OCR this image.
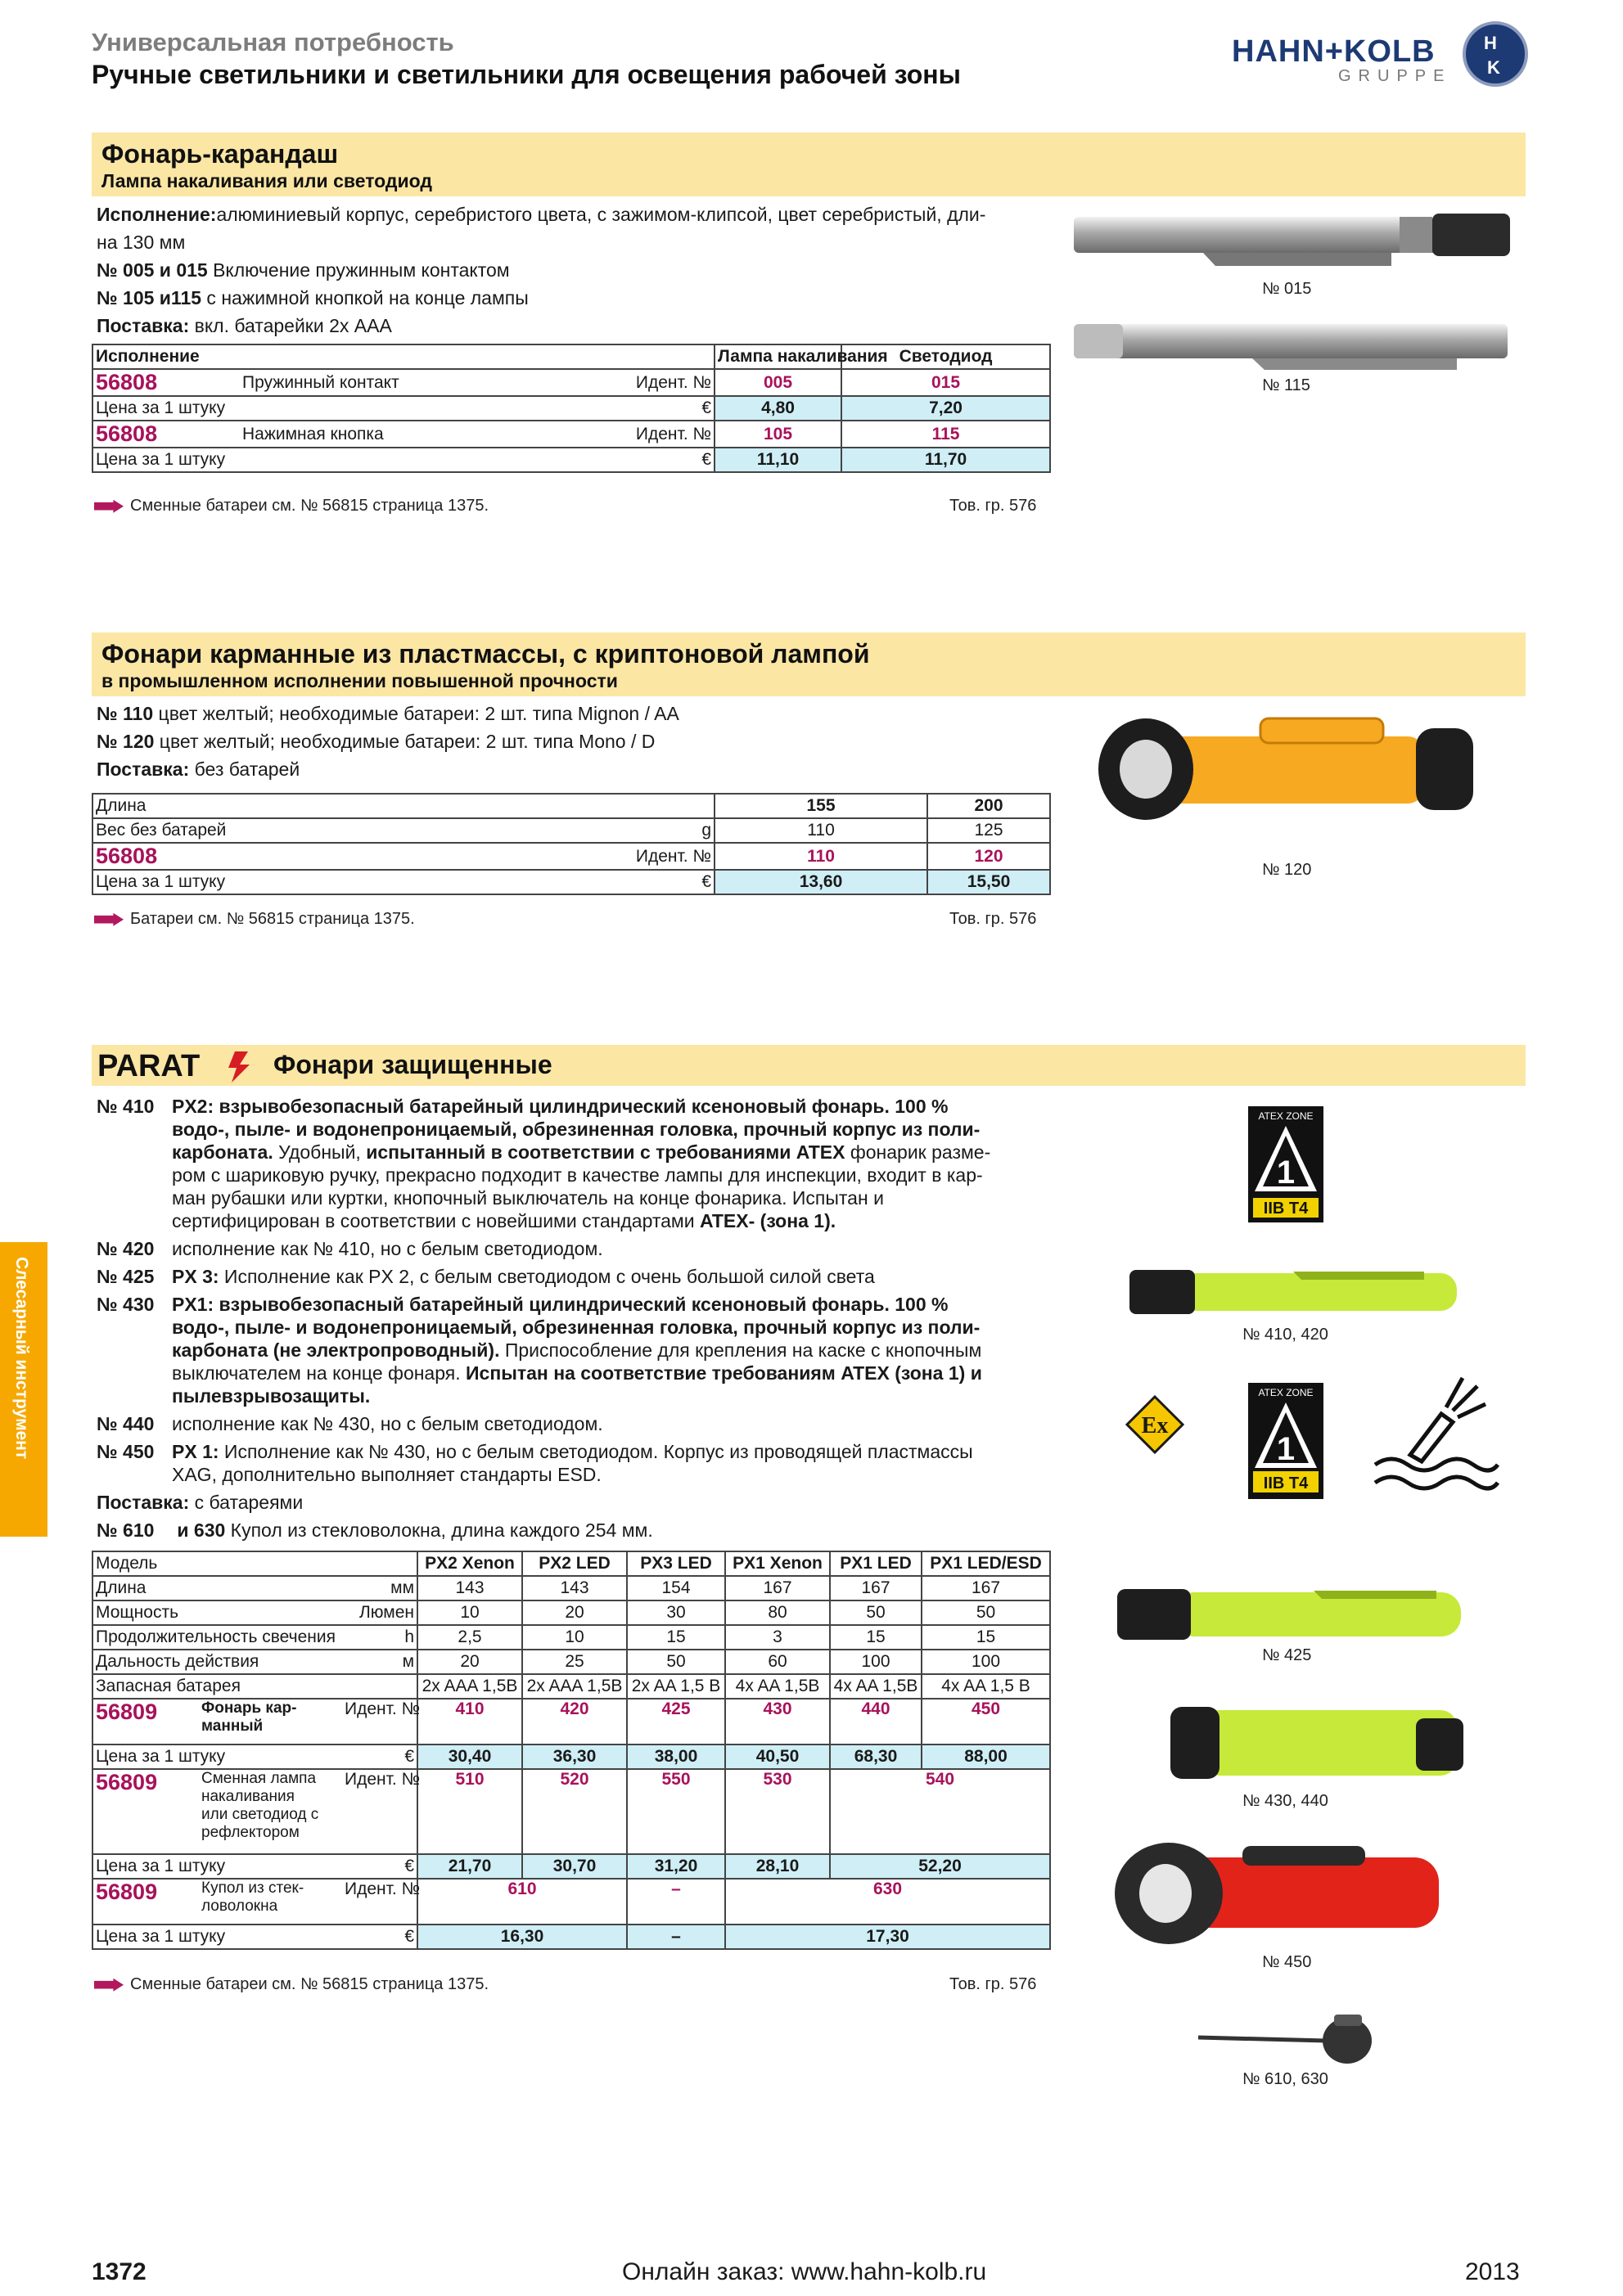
Универсальная потребность
Ручные светильники и светильники для освещения рабочей зоны
HAHN+KOLB
GRUPPE
H
K
Слесарный инструмент
Фонарь-карандаш
Лампа накаливания или светодиод
Исполнение:алюминиевый корпус, серебристого цвета, с зажимом-клипсой, цвет серебристый, дли-
на 130 мм
№ 005 и 015 Включение пружинным контактом
№ 105 и115 с нажимной кнопкой на конце лампы
Поставка: вкл. батарейки 2х ААА
Исполнение			Лампа накаливания	Светодиод
56808	Пружинный контакт	Идент. №	005	015
Цена за 1 штуку		€	4,80	7,20
56808	Нажимная кнопка	Идент. №	105	115
Цена за 1 штуку		€	11,10	11,70
Сменные батареи см. № 56815 страница 1375.	Тов. гр. 576
№ 015
№ 115
Фонари карманные из пластмассы, с криптоновой лампой
в промышленном исполнении повышенной прочности
№ 110 цвет желтый; необходимые батареи: 2 шт. типа Mignon / AA
№ 120 цвет желтый; необходимые батареи: 2 шт. типа Mono / D
Поставка: без батарей
Длина			155	200
Вес без батарей		g	110	125
56808		Идент. №	110	120
Цена за 1 штуку		€	13,60	15,50
Батареи см. № 56815 страница 1375.	Тов. гр. 576
№ 120
PARAT	Фонари защищенные
№ 410 PX2: взрывобезопасный батарейный цилиндрический ксеноновый фонарь. 100 %
водо-, пыле- и водонепроницаемый, обрезиненная головка, прочный корпус из поли-
карбоната. Удобный, испытанный в соответствии с требованиями ATEX фонарик разме-
ром с шариковую ручку, прекрасно подходит в качестве лампы для инспекции, входит в кар-
ман рубашки или куртки, кнопочный выключатель на конце фонарика. Испытан и
сертифицирован в соответствии с новейшими стандартами ATEX- (зона 1).
№ 420 исполнение как № 410, но с белым светодиодом.
№ 425 PX 3: Исполнение как PX 2, с белым светодиодом с очень большой силой света
№ 430 PX1: взрывобезопасный батарейный цилиндрический ксеноновый фонарь. 100 %
водо-, пыле- и водонепроницаемый, обрезиненная головка, прочный корпус из поли-
карбоната (не электропроводный). Приспособление для крепления на каске с кнопочным
выключателем на конце фонаря. Испытан на соответствие требованиям ATEX (зона 1) и
пылевзрывозащиты.
№ 440 исполнение как № 430, но с белым светодиодом.
№ 450 PX 1: Исполнение как № 430, но с белым светодиодом. Корпус из проводящей пластмассы
XAG, дополнительно выполняет стандарты ESD.
Поставка: с батареями
№ 610 и 630 Купол из стекловолокна, длина каждого 254 мм.
Модель			PX2 Xenon	PX2 LED	PX3 LED	PX1 Xenon	PX1 LED	PX1 LED/ESD
Длина		мм	143	143	154	167	167	167
Мощность		Люмен	10	20	30	80	50	50
Продолжительность свечения		h	2,5	10	15	3	15	15
Дальность действия		м	20	25	50	60	100	100
Запасная батарея			2x AAA 1,5B	2x AAA 1,5B	2x AA 1,5 B	4x AA 1,5B	4x AA 1,5B	4x AA 1,5 B
56809	Фонарь кар-
манный	Идент. №	410	420	425	430	440	450
Цена за 1 штуку		€	30,40	36,30	38,00	40,50	68,30	88,00
56809	Сменная лампа
накаливания
или светодиод с
рефлектором	Идент. №	510	520	550	530	540	
Цена за 1 штуку		€	21,70	30,70	31,20	28,10	52,20	
56809	Купол из стек-
ловолокна	Идент. №	610		–	630		
Цена за 1 штуку		€	16,30		–	17,30		
Сменные батареи см. № 56815 страница 1375.	Тов. гр. 576
ATEX ZONE
1
IIB T4
Ex
ATEX ZONE
1
IIB T4
№ 410, 420
№ 425
№ 430, 440
№ 450
№ 610, 630
1372	Онлайн заказ: www.hahn-kolb.ru	2013
